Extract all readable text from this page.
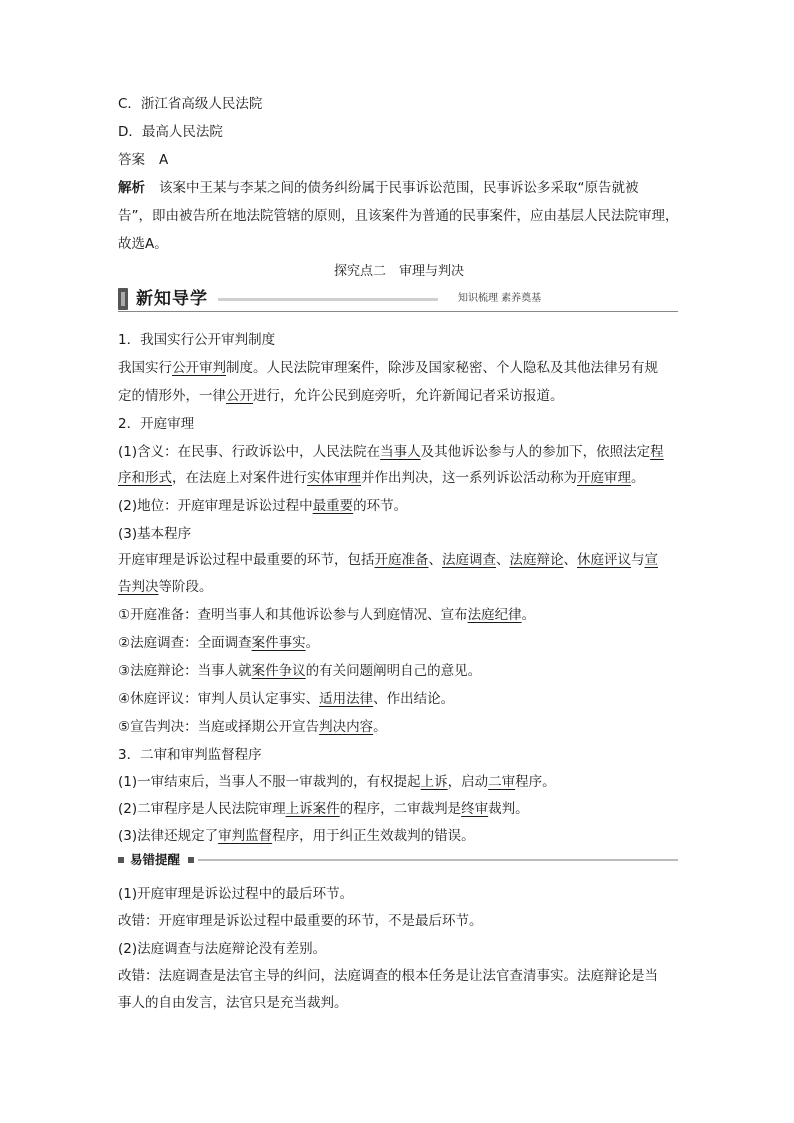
C．浙江省高级人民法院
D．最高人民法院
答案 A
解析 该案中王某与李某之间的债务纠纷属于民事诉讼范围，民事诉讼多采取“原告就被
告”，即由被告所在地法院管辖的原则，且该案件为普通的民事案件，应由基层人民法院审理，
故选A。
探究点二　审理与判决
新知导学	知识梳理 素养奠基
1．我国实行公开审判制度
我国实行公开审判制度。人民法院审理案件，除涉及国家秘密、个人隐私及其他法律另有规
定的情形外，一律公开进行，允许公民到庭旁听，允许新闻记者采访报道。
2．开庭审理
(1)含义：在民事、行政诉讼中，人民法院在当事人及其他诉讼参与人的参加下，依照法定程
序和形式，在法庭上对案件进行实体审理并作出判决，这一系列诉讼活动称为开庭审理。
(2)地位：开庭审理是诉讼过程中最重要的环节。
(3)基本程序
开庭审理是诉讼过程中最重要的环节，包括开庭准备、法庭调查、法庭辩论、休庭评议与宣
告判决等阶段。
①开庭准备：查明当事人和其他诉讼参与人到庭情况、宣布法庭纪律。
②法庭调查：全面调查案件事实。
③法庭辩论：当事人就案件争议的有关问题阐明自己的意见。
④休庭评议：审判人员认定事实、适用法律、作出结论。
⑤宣告判决：当庭或择期公开宣告判决内容。
3．二审和审判监督程序
(1)一审结束后，当事人不服一审裁判的，有权提起上诉，启动二审程序。
(2)二审程序是人民法院审理上诉案件的程序，二审裁判是终审裁判。
(3)法律还规定了审判监督程序，用于纠正生效裁判的错误。
易错提醒
(1)开庭审理是诉讼过程中的最后环节。
改错：开庭审理是诉讼过程中最重要的环节，不是最后环节。
(2)法庭调查与法庭辩论没有差别。
改错：法庭调查是法官主导的纠问，法庭调查的根本任务是让法官查清事实。法庭辩论是当
事人的自由发言，法官只是充当裁判。
